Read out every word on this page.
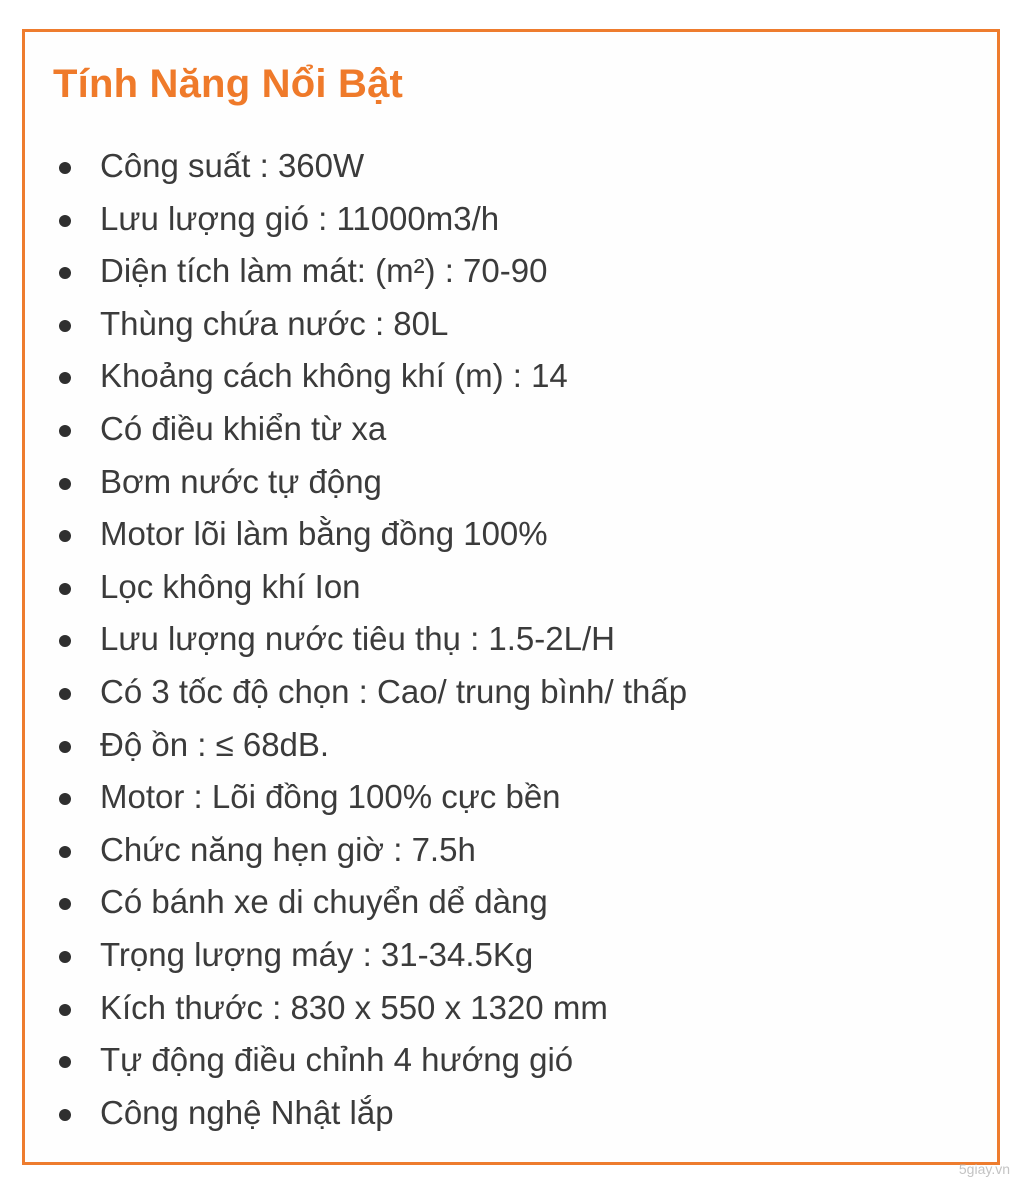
Tính Năng Nổi Bật
Công suất : 360W
Lưu lượng gió : 11000m3/h
Diện tích làm mát: (m²) : 70-90
Thùng chứa nước : 80L
Khoảng cách không khí (m) : 14
Có điều khiển từ xa
Bơm nước tự động
Motor lõi làm bằng đồng 100%
Lọc không khí Ion
Lưu lượng nước tiêu thụ : 1.5-2L/H
Có 3 tốc độ chọn : Cao/ trung bình/ thấp
Độ ồn : ≤ 68dB.
Motor : Lõi đồng 100% cực bền
Chức năng hẹn giờ : 7.5h
Có bánh xe di chuyển dể dàng
Trọng lượng máy : 31-34.5Kg
Kích thước : 830 x 550 x 1320 mm
Tự động điều chỉnh 4 hướng gió
Công nghệ Nhật lắp
5giay.vn
